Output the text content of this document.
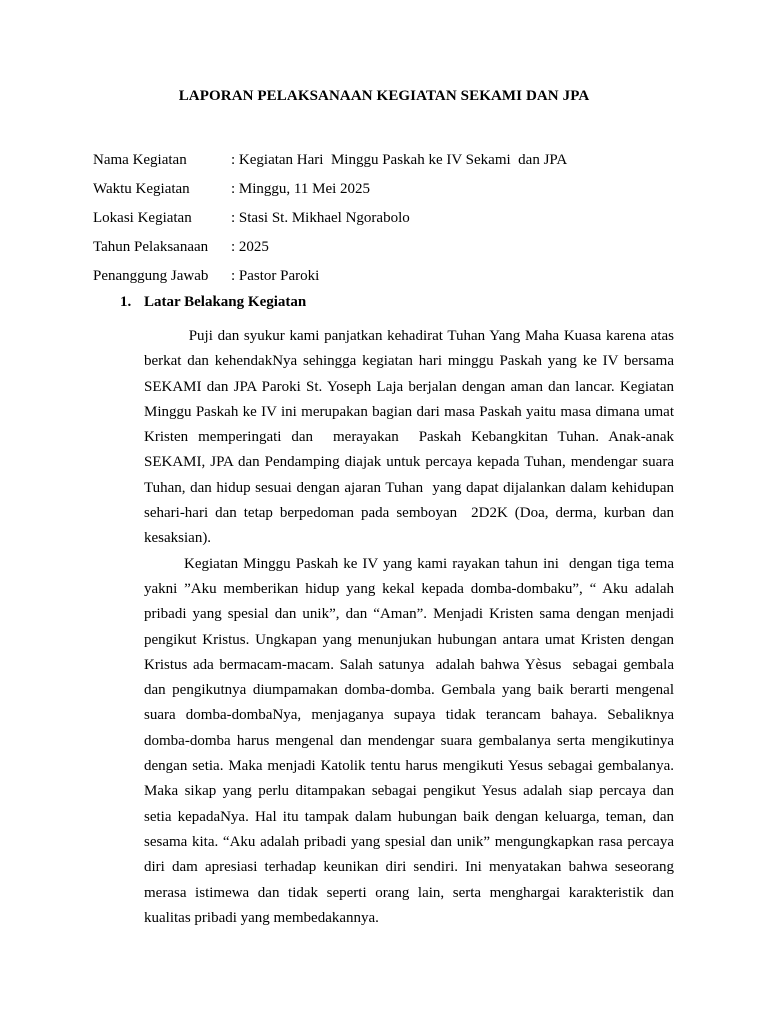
LAPORAN PELAKSANAAN KEGIATAN SEKAMI DAN JPA
Nama Kegiatan	: Kegiatan Hari  Minggu Paskah ke IV Sekami  dan JPA
Waktu Kegiatan	: Minggu, 11 Mei 2025
Lokasi Kegiatan	: Stasi St. Mikhael Ngorabolo
Tahun Pelaksanaan	: 2025
Penanggung Jawab	: Pastor Paroki
1. Latar Belakang Kegiatan

Puji dan syukur kami panjatkan kehadirat Tuhan Yang Maha Kuasa karena atas berkat dan kehendakNya sehingga kegiatan hari minggu Paskah yang ke IV bersama SEKAMI dan JPA Paroki St. Yoseph Laja berjalan dengan aman dan lancar. Kegiatan Minggu Paskah ke IV ini merupakan bagian dari masa Paskah yaitu masa dimana umat Kristen memperingati dan  merayakan  Paskah Kebangkitan Tuhan. Anak-anak SEKAMI, JPA dan Pendamping diajak untuk percaya kepada Tuhan, mendengar suara Tuhan, dan hidup sesuai dengan ajaran Tuhan  yang dapat dijalankan dalam kehidupan sehari-hari dan tetap berpedoman pada semboyan  2D2K (Doa, derma, kurban dan kesaksian).

Kegiatan Minggu Paskah ke IV yang kami rayakan tahun ini  dengan tiga tema yakni ”Aku memberikan hidup yang kekal kepada domba-dombaku”, “ Aku adalah pribadi yang spesial dan unik”, dan “Aman”. Menjadi Kristen sama dengan menjadi pengikut Kristus. Ungkapan yang menunjukan hubungan antara umat Kristen dengan Kristus ada bermacam-macam. Salah satunya  adalah bahwa Yèsus  sebagai gembala dan pengikutnya diumpamakan domba-domba. Gembala yang baik berarti mengenal suara domba-dombaNya, menjaganya supaya tidak terancam bahaya. Sebaliknya domba-domba harus mengenal dan mendengar suara gembalanya serta mengikutinya dengan setia. Maka menjadi Katolik tentu harus mengikuti Yesus sebagai gembalanya. Maka sikap yang perlu ditampakan sebagai pengikut Yesus adalah siap percaya dan setia kepadaNya. Hal itu tampak dalam hubungan baik dengan keluarga, teman, dan sesama kita. “Aku adalah pribadi yang spesial dan unik” mengungkapkan rasa percaya diri dam apresiasi terhadap keunikan diri sendiri. Ini menyatakan bahwa seseorang merasa istimewa dan tidak seperti orang lain, serta menghargai karakteristik dan kualitas pribadi yang membedakannya.
